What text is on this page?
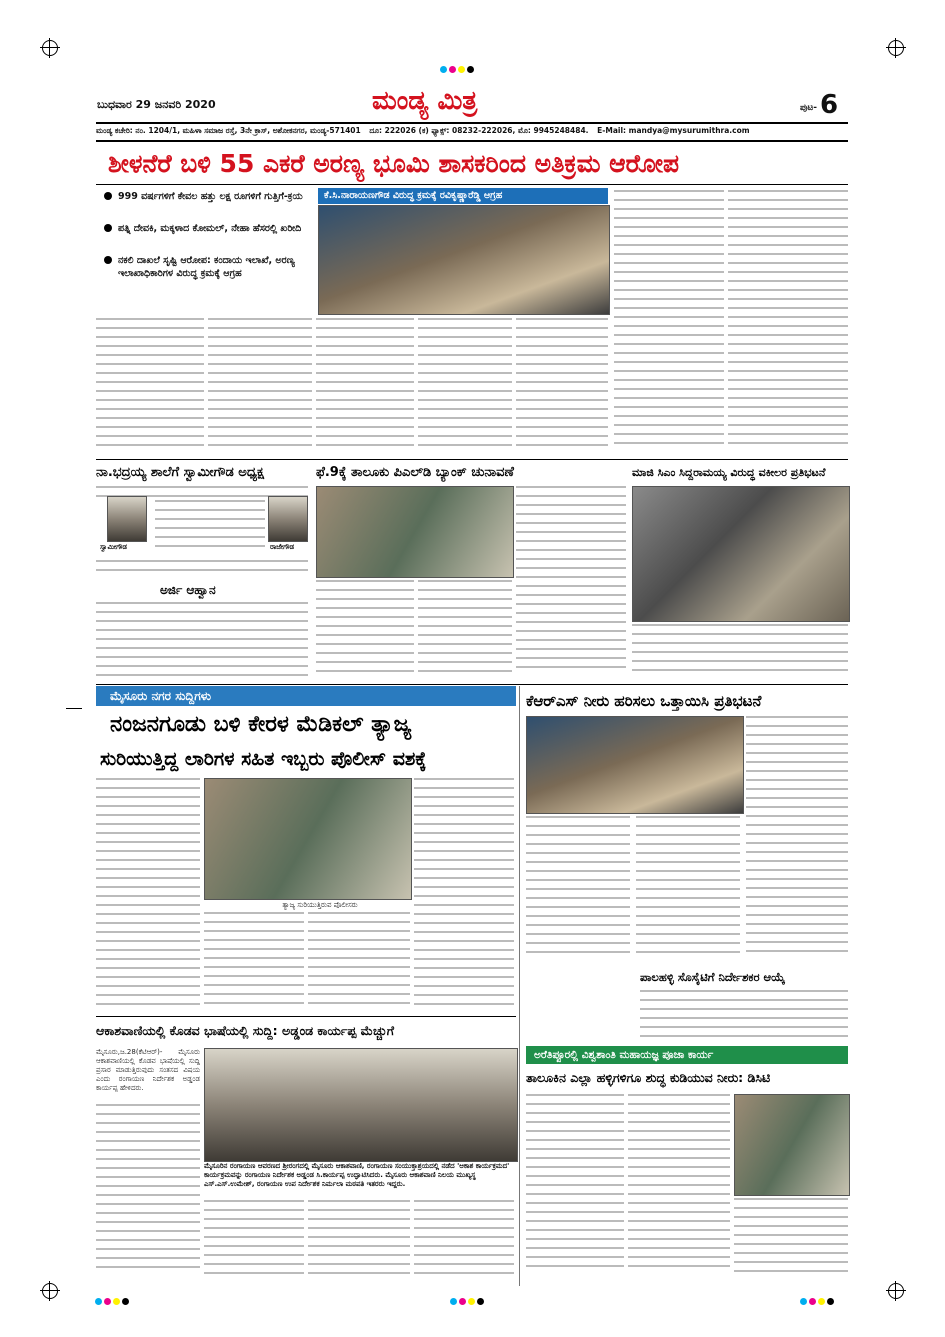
ಬುಧವಾರ 29 ಜನವರಿ 2020	ಮಂಡ್ಯ ಮಿತ್ರ	ಪುಟ- 6
ಮಂಡ್ಯ ಕಚೇರಿ: ನಂ. 1204/1, ಮಹಿಳಾ ಸಮಾಜ ರಸ್ತೆ, 3ನೇ ಕ್ರಾಸ್, ಅಶೋಕನಗರ, ಮಂಡ್ಯ-571401 ದೂ: 222026 (ಕ) ಫ್ಯಾಕ್ಸ್: 08232-222026, ಮೊ: 9945248484. E-Mail: mandya@mysurumithra.com
ಶೀಳನೆರೆ ಬಳಿ 55 ಎಕರೆ ಅರಣ್ಯ ಭೂಮಿ ಶಾಸಕರಿಂದ ಅತಿಕ್ರಮ ಆರೋಪ
999 ವರ್ಷಗಳಿಗೆ ಕೇವಲ ಹತ್ತು ಲಕ್ಷ ರೂಗಳಿಗೆ ಗುತ್ತಿಗೆ-ಕ್ರಯ
ಪತ್ನಿ ದೇವಕಿ, ಮಕ್ಕಳಾದ ಕೋಮಲ್, ನೇಹಾ ಹೆಸರಲ್ಲಿ ಖರೀದಿ
ನಕಲಿ ದಾಖಲೆ ಸೃಷ್ಟಿ ಆರೋಪ: ಕಂದಾಯ ಇಲಾಖೆ, ಅರಣ್ಯ ಇಲಾಖಾಧಿಕಾರಿಗಳ ವಿರುದ್ಧ ಕ್ರಮಕ್ಕೆ ಆಗ್ರಹ
ಕೆ.ಸಿ.ನಾರಾಯಣಗೌಡ ವಿರುದ್ಧ ಕ್ರಮಕ್ಕೆ ರವಿಕೃಷ್ಣಾರೆಡ್ಡಿ ಆಗ್ರಹ
ನಾ.ಭದ್ರಯ್ಯ ಶಾಲೆಗೆ ಸ್ವಾಮೀಗೌಡ ಅಧ್ಯಕ್ಷ
ಸ್ವಾಮೀಗೌಡ	ರಾಜೇಗೌಡ
ಅರ್ಜಿ ಆಹ್ವಾನ
ಫೆ.9ಕ್ಕೆ ತಾಲೂಕು ಪಿಎಲ್‌ಡಿ ಬ್ಯಾಂಕ್ ಚುನಾವಣೆ	ಮಾಜಿ ಸಿಎಂ ಸಿದ್ದರಾಮಯ್ಯ ವಿರುದ್ಧ ವಕೀಲರ ಪ್ರತಿಭಟನೆ
ಮೈಸೂರು ನಗರ ಸುದ್ದಿಗಳು
ನಂಜನಗೂಡು ಬಳಿ ಕೇರಳ ಮೆಡಿಕಲ್ ತ್ಯಾಜ್ಯ
ಸುರಿಯುತ್ತಿದ್ದ ಲಾರಿಗಳ ಸಹಿತ ಇಬ್ಬರು ಪೊಲೀಸ್ ವಶಕ್ಕೆ
ತ್ಯಾಜ್ಯ ಸುರಿಯುತ್ತಿರುವ ಪೊಲೀಸರು
ಕೆಆರ್‌ಎಸ್ ನೀರು ಹರಿಸಲು ಒತ್ತಾಯಿಸಿ ಪ್ರತಿಭಟನೆ
ಪಾಲಹಳ್ಳಿ ಸೊಸೈಟಿಗೆ ನಿರ್ದೇಶಕರ ಆಯ್ಕೆ
ಅರೆತಿಪ್ಪೂರಲ್ಲಿ ವಿಶ್ವಶಾಂತಿ ಮಹಾಯಜ್ಞ ಪೂಜಾ ಕಾರ್ಯ
ತಾಲೂಕಿನ ಎಲ್ಲಾ ಹಳ್ಳಿಗಳಿಗೂ ಶುದ್ಧ ಕುಡಿಯುವ ನೀರು: ಡಿಸಿಟಿ
ಆಕಾಶವಾಣಿಯಲ್ಲಿ ಕೊಡವ ಭಾಷೆಯಲ್ಲಿ ಸುದ್ದಿ: ಅಡ್ಡಂಡ ಕಾರ್ಯಪ್ಪ ಮೆಚ್ಚುಗೆ
ಮೈಸೂರು,ಜ.28(ಕೆಟಿಆರ್)- ಮೈಸೂರು ಆಕಾಶವಾಣಿಯಲ್ಲಿ ಕೊಡವ ಭಾಷೆಯಲ್ಲಿ ಸುದ್ದಿ ಪ್ರಸಾರ ಮಾಡುತ್ತಿರುವುದು ಸಂತಸದ ವಿಷಯ ಎಂದು ರಂಗಾಯಣ ನಿರ್ದೇಶಕ ಅಡ್ಡಂಡ ಕಾರ್ಯಪ್ಪ ಹೇಳಿದರು.
ಮೈಸೂರಿನ ರಂಗಾಯಣ ಆವರಣದ ಶ್ರೀರಂಗದಲ್ಲಿ ಮೈಸೂರು ಆಕಾಶವಾಣಿ, ರಂಗಾಯಣ ಸಂಯುಕ್ತಾಶ್ರಯದಲ್ಲಿ ನಡೆದ 'ಆಕಾಶ ಕಾರ್ಯಕ್ರಮದ' ಕಾರ್ಯಕ್ರಮವನ್ನು ರಂಗಾಯಣ ನಿರ್ದೇಶಕ ಅಡ್ಡಂಡ ಸಿ.ಕಾರ್ಯಪ್ಪ ಉದ್ಘಾಟಿಸಿದರು. ಮೈಸೂರು ಆಕಾಶವಾಣಿ ನಿಲಯ ಮುಖ್ಯಸ್ಥ ಎಸ್.ಎಸ್.ಉಮೇಶ್, ರಂಗಾಯಣ ಉಪ ನಿರ್ದೇಶಕ ನಿರ್ಮಲಾ ಮಠಪತಿ ಇತರರು ಇದ್ದರು.
